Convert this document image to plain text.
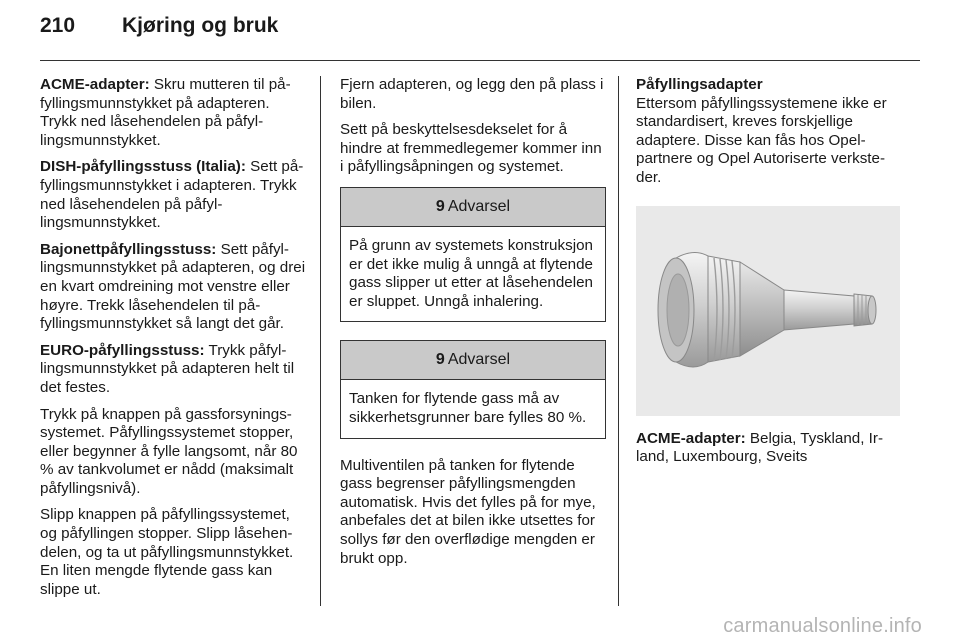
210	Kjøring og bruk

ACME-adapter: Skru mutteren til påfyllingsmunnstykket på adapteren. Trykk ned låsehendelen på påfyllingsmunnstykket.

DISH-påfyllingsstuss (Italia): Sett påfyllingsmunnstykket i adapteren. Trykk ned låsehendelen på påfyllingsmunnstykket.

Bajonettpåfyllingsstuss: Sett påfyllingsmunnstykket på adapteren, og drei en kvart omdreining mot venstre eller høyre. Trekk låsehendelen til påfyllingsmunnstykket så langt det går.

EURO-påfyllingsstuss: Trykk påfyllingsmunnstykket på adapteren helt til det festes.

Trykk på knappen på gassforsyningssystemet. Påfyllingssystemet stopper, eller begynner å fylle langsomt, når 80 % av tankvolumet er nådd (maksimalt påfyllingsnivå).

Slipp knappen på påfyllingssystemet, og påfyllingen stopper. Slipp låsehendelen, og ta ut påfyllingsmunnstykket. En liten mengde flytende gass kan slippe ut.

Fjern adapteren, og legg den på plass i bilen.

Sett på beskyttelsesdekselet for å hindre at fremmedlegemer kommer inn i påfyllingsåpningen og systemet.

9 Advarsel
På grunn av systemets konstruksjon er det ikke mulig å unngå at flytende gass slipper ut etter at låsehendelen er sluppet. Unngå inhalering.
9 Advarsel
Tanken for flytende gass må av sikkerhetsgrunner bare fylles 80 %.

Multiventilen på tanken for flytende gass begrenser påfyllingsmengden automatisk. Hvis det fylles på for mye, anbefales det at bilen ikke utsettes for sollys før den overflødige mengden er brukt opp.

Påfyllingsadapter

Ettersom påfyllingssystemene ikke er standardisert, kreves forskjellige adaptere. Disse kan fås hos Opel-partnere og Opel Autoriserte verksteder.

ACME-adapter: Belgia, Tyskland, Irland, Luxembourg, Sveits

carmanualsonline.info
